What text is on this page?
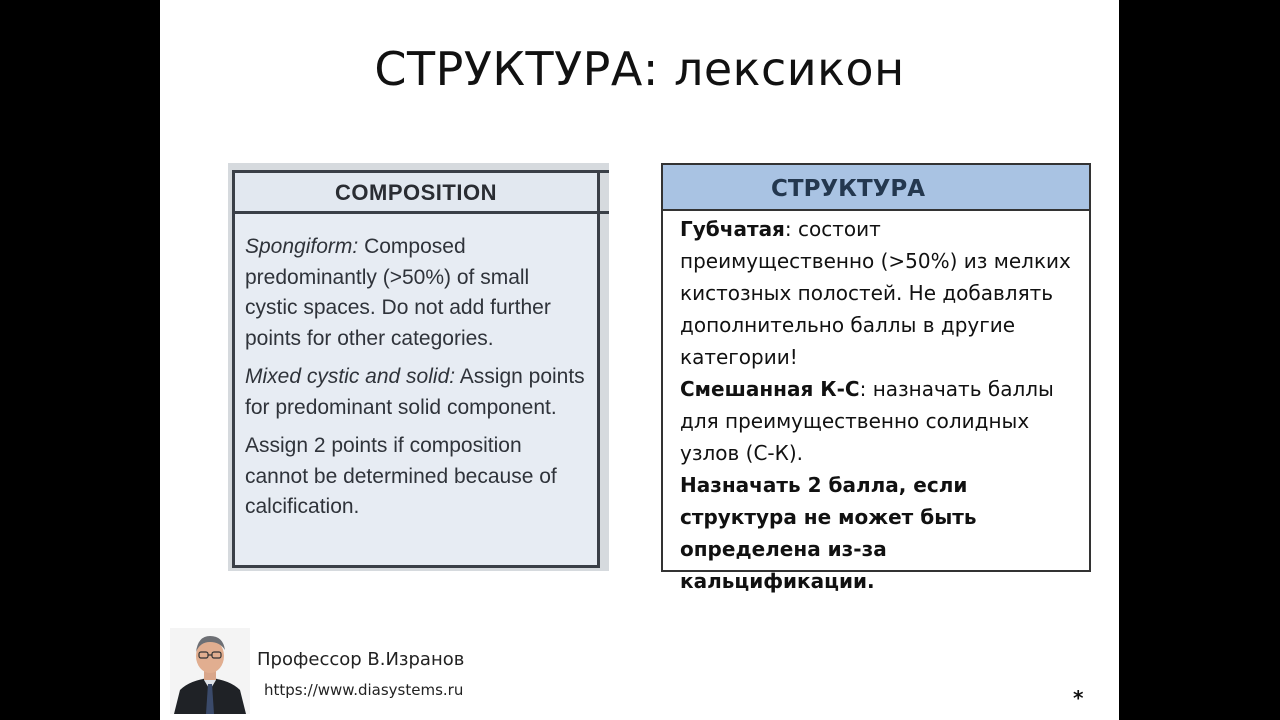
СТРУКТУРА: лексикон
COMPOSITION

Spongiform: Composed predominantly (>50%) of small cystic spaces. Do not add further points for other categories.

Mixed cystic and solid: Assign points for predominant solid component.

Assign 2 points if composition cannot be determined because of calcification.

СТРУКТУРА
Губчатая: состоит преимущественно (>50%) из мелких кистозных полостей. Не добавлять дополнительно баллы в другие категории!
Смешанная К-С: назначать баллы для преимущественно солидных узлов (С-К).
Назначать 2 балла, если структура не может быть определена из-за кальцификации.
Профессор В.Изранов
https://www.diasystems.ru	*
